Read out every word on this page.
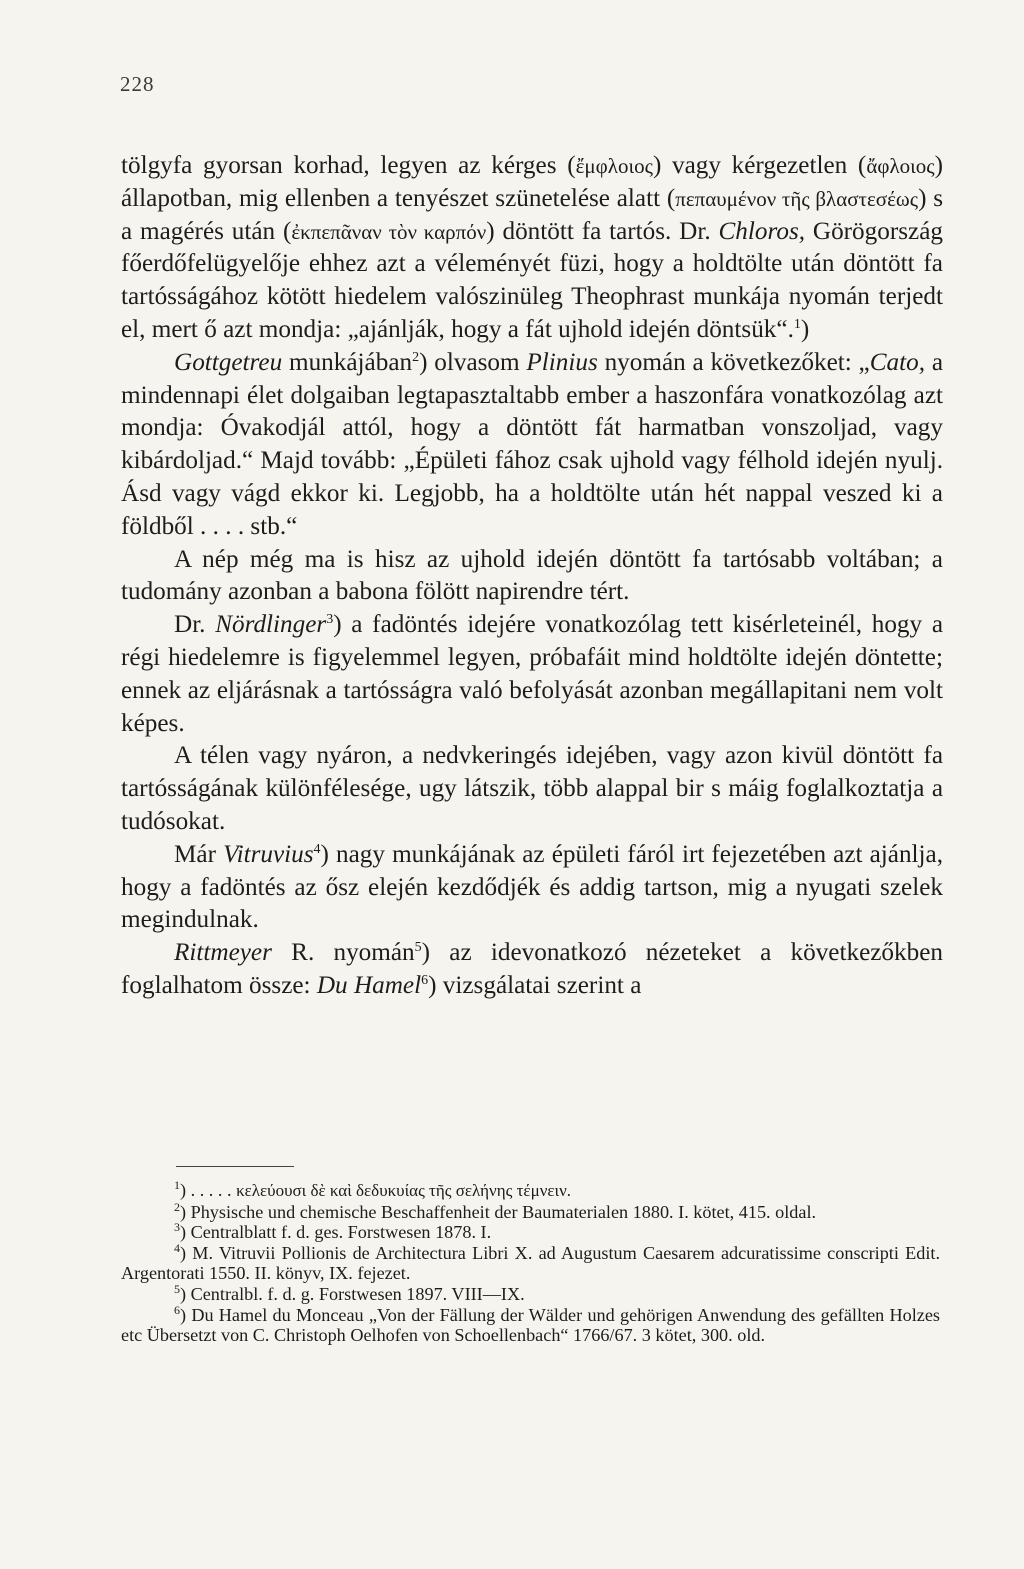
228

tölgyfa gyorsan korhad, legyen az kérges (ἔμφλοιος) vagy kérgezetlen (ἄφλοιος) állapotban, mig ellenben a tenyészet szünetelése alatt (πεπαυμένον τῆς βλαστεσέως) s a magérés után (ἐκπεπᾶναν τὸν καρπόν) döntött fa tartós. Dr. Chloros, Görögország főerdőfelügyelője ehhez azt a véleményét füzi, hogy a holdtölte után döntött fa tartósságához kötött hiedelem valószinüleg Theophrast munkája nyomán terjedt el, mert ő azt mondja: „ajánlják, hogy a fát ujhold idején döntsük“.$^1$)

Gottgetreu munkájában$^2$) olvasom Plinius nyomán a következőket: „Cato, a mindennapi élet dolgaiban legtapasztaltabb ember a haszonfára vonatkozólag azt mondja: Óvakodjál attól, hogy a döntött fát harmatban vonszoljad, vagy kibárdoljad.“ Majd tovább: „Épületi fához csak ujhold vagy félhold idején nyulj. Ásd vagy vágd ekkor ki. Legjobb, ha a holdtölte után hét nappal veszed ki a földből . . . . stb.“

A nép még ma is hisz az ujhold idején döntött fa tartósabb voltában; a tudomány azonban a babona fölött napirendre tért.

Dr. Nördlinger$^3$) a fadöntés idejére vonatkozólag tett kisérleteinél, hogy a régi hiedelemre is figyelemmel legyen, próbafáit mind holdtölte idején döntette; ennek az eljárásnak a tartósságra való befolyását azonban megállapitani nem volt képes.

A télen vagy nyáron, a nedvkeringés idejében, vagy azon kivül döntött fa tartósságának különfélesége, ugy látszik, több alappal bir s máig foglalkoztatja a tudósokat.

Már Vitruvius$^4$) nagy munkájának az épületi fáról irt fejezetében azt ajánlja, hogy a fadöntés az ősz elején kezdődjék és addig tartson, mig a nyugati szelek megindulnak.

Rittmeyer R. nyomán$^5$) az idevonatkozó nézeteket a következőkben foglalhatom össze: Du Hamel$^6$) vizsgálatai szerint a

$^1$) . . . . . κελεύουσι δὲ καὶ δεδυκυίας τῆς σελήνης τέμνειν.

$^2$) Physische und chemische Beschaffenheit der Baumaterialen 1880. I. kötet, 415. oldal.

$^3$) Centralblatt f. d. ges. Forstwesen 1878. I.

$^4$) M. Vitruvii Pollionis de Architectura Libri X. ad Augustum Caesarem adcuratissime conscripti Edit. Argentorati 1550. II. könyv, IX. fejezet.

$^5$) Centralbl. f. d. g. Forstwesen 1897. VIII—IX.

$^6$) Du Hamel du Monceau „Von der Fällung der Wälder und gehörigen Anwendung des gefällten Holzes etc Übersetzt von C. Christoph Oelhofen von Schoellenbach“ 1766/67. 3 kötet, 300. old.
